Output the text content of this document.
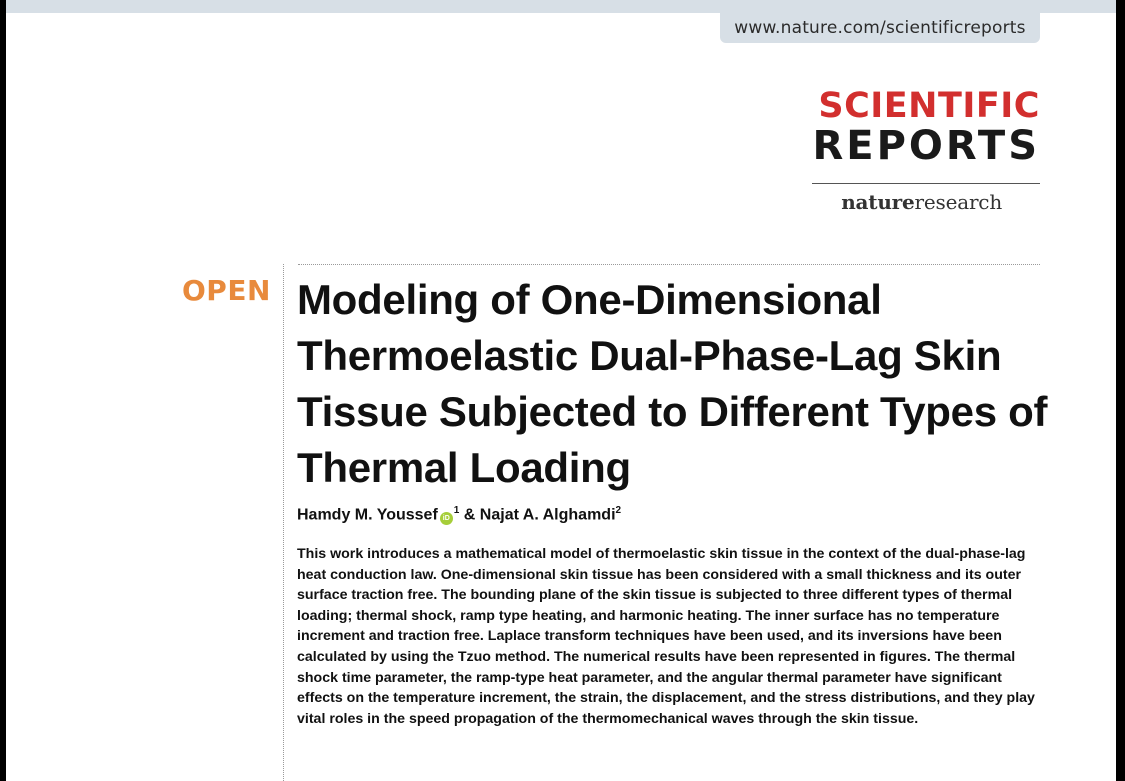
www.nature.com/scientificreports
SCIENTIFIC
REPORTS
natureresearch
OPEN Modeling of One-Dimensional Thermoelastic Dual-Phase-Lag Skin Tissue Subjected to Different Types of Thermal Loading
Hamdy M. Youssef $iD^1$ & Najat A. Alghamdi$^2$

This work introduces a mathematical model of thermoelastic skin tissue in the context of the dual-phase-lag heat conduction law. One-dimensional skin tissue has been considered with a small thickness and its outer surface traction free. The bounding plane of the skin tissue is subjected to three different types of thermal loading; thermal shock, ramp type heating, and harmonic heating. The inner surface has no temperature increment and traction free. Laplace transform techniques have been used, and its inversions have been calculated by using the Tzuo method. The numerical results have been represented in figures. The thermal shock time parameter, the ramp-type heat parameter, and the angular thermal parameter have significant effects on the temperature increment, the strain, the displacement, and the stress distributions, and they play vital roles in the speed propagation of the thermomechanical waves through the skin tissue.
